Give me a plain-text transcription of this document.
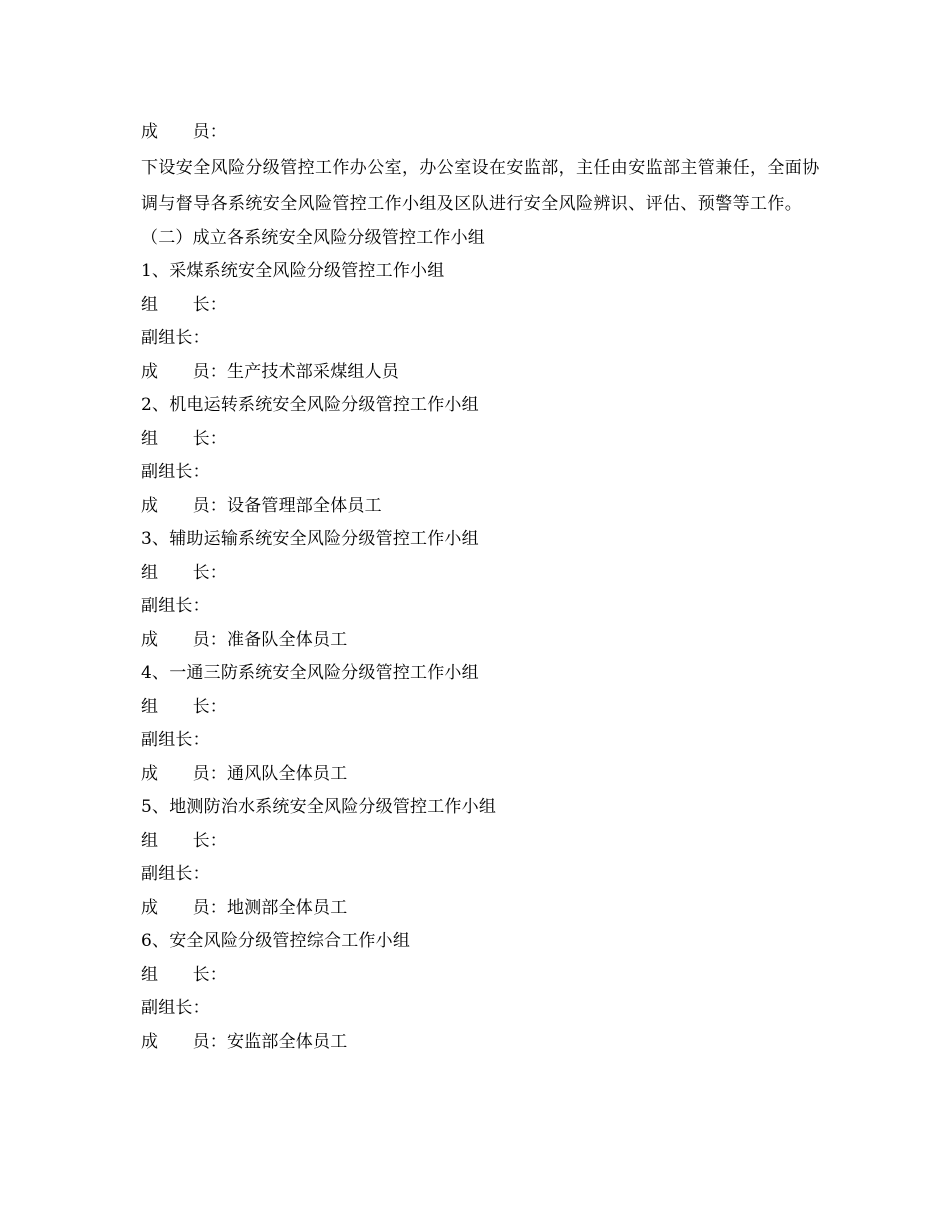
成　　员：
下设安全风险分级管控工作办公室，办公室设在安监部，主任由安监部主管兼任，全面协调与督导各系统安全风险管控工作小组及区队进行安全风险辨识、评估、预警等工作。
（二）成立各系统安全风险分级管控工作小组
1、采煤系统安全风险分级管控工作小组
组　　长：
副组长：
成　　员：生产技术部采煤组人员
2、机电运转系统安全风险分级管控工作小组
组　　长：
副组长：
成　　员：设备管理部全体员工
3、辅助运输系统安全风险分级管控工作小组
组　　长：
副组长：
成　　员：准备队全体员工
4、一通三防系统安全风险分级管控工作小组
组　　长：
副组长：
成　　员：通风队全体员工
5、地测防治水系统安全风险分级管控工作小组
组　　长：
副组长：
成　　员：地测部全体员工
6、安全风险分级管控综合工作小组
组　　长：
副组长：
成　　员：安监部全体员工
